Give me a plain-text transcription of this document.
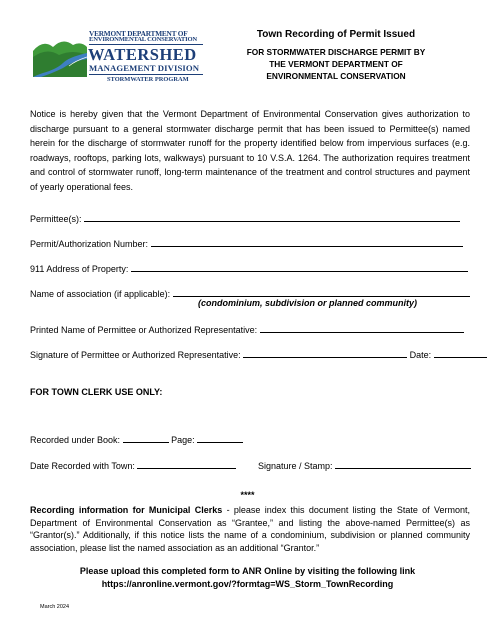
VERMONT DEPARTMENT OF
ENVIRONMENTAL CONSERVATION
WATERSHED
MANAGEMENT DIVISION
STORMWATER PROGRAM
Town Recording of Permit Issued
FOR STORMWATER DISCHARGE PERMIT BY
THE VERMONT DEPARTMENT OF
ENVIRONMENTAL CONSERVATION
Notice is hereby given that the Vermont Department of Environmental Conservation gives authorization to discharge pursuant to a general stormwater discharge permit that has been issued to Permittee(s) named herein for the discharge of stormwater runoff for the property identified below from impervious surfaces (e.g. roadways, rooftops, parking lots, walkways) pursuant to 10 V.S.A. 1264. The authorization requires treatment and control of stormwater runoff, long-term maintenance of the treatment and control structures and payment of yearly operational fees.
Permittee(s):
Permit/Authorization Number:
911 Address of Property:
Name of association (if applicable):
(condominium, subdivision or planned community)
Printed Name of Permittee or Authorized Representative:
Signature of Permittee or Authorized Representative:	Date:
FOR TOWN CLERK USE ONLY:
Recorded under Book:	Page:
Date Recorded with Town:	Signature / Stamp:
****
Recording information for Municipal Clerks - please index this document listing the State of Vermont, Department of Environmental Conservation as “Grantee,” and listing the above-named Permittee(s) as “Grantor(s).” Additionally, if this notice lists the name of a condominium, subdivision or planned community association, please list the named association as an additional “Grantor.”
Please upload this completed form to ANR Online by visiting the following link
https://anronline.vermont.gov/?formtag=WS_Storm_TownRecording
March 2024
